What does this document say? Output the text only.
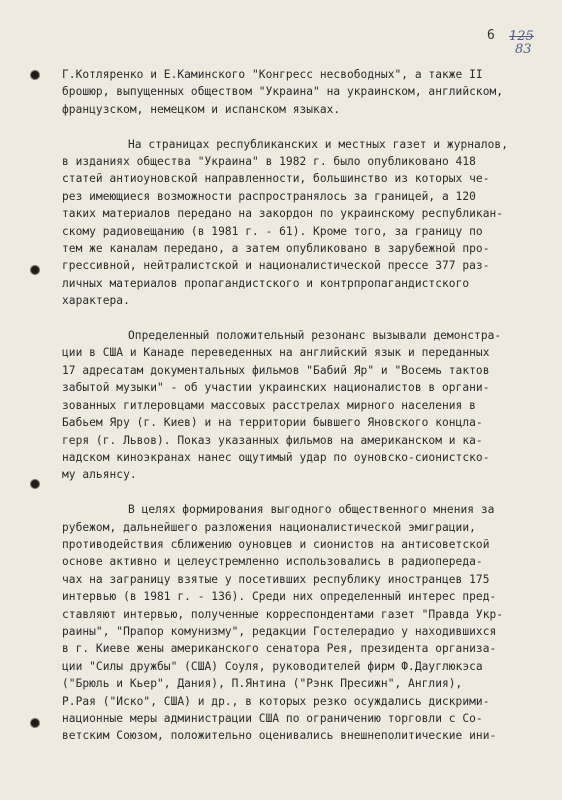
6 125
83

Г.Котляренко и Е.Каминского "Конгресс несвободных", а также II
брошюр, выпущенных обществом "Украина" на украинском, английском,
французском, немецком и испанском языках.

На страницах республиканских и местных газет и журналов,
в изданиях общества "Украина" в 1982 г. было опубликовано 418
статей антиоуновской направленности, большинство из которых че-
рез имеющиеся возможности распространялось за границей, а 120
таких материалов передано на закордон по украинскому республикан-
скому радиовещанию (в 1981 г. - 61). Кроме того, за границу по
тем же каналам передано, а затем опубликовано в зарубежной про-
грессивной, нейтралистской и националистической прессе 377 раз-
личных материалов пропагандистского и контрпропагандистского
характера.

Определенный положительный резонанс вызывали демонстра-
ции в США и Канаде переведенных на английский язык и переданных
17 адресатам документальных фильмов "Бабий Яр" и "Восемь тактов
забытой музыки" - об участии украинских националистов в органи-
зованных гитлеровцами массовых расстрелах мирного населения в
Бабьем Яру (г. Киев) и на территории бывшего Яновского концла-
геря (г. Львов). Показ указанных фильмов на американском и ка-
надском киноэкранах нанес ощутимый удар по оуновско-сионистско-
му альянсу.

В целях формирования выгодного общественного мнения за
рубежом, дальнейшего разложения националистической эмиграции,
противодействия сближению оуновцев и сионистов на антисоветской
основе активно и целеустремленно использовались в радиопереда-
чах на заграницу взятые у посетивших республику иностранцев 175
интервью (в 1981 г. - 136). Среди них определенный интерес пред-
ставляют интервью, полученные корреспондентами газет "Правда Укр-
раины", "Прапор комунизму", редакции Гостелерадио у находившихся
в г. Киеве жены американского сенатора Рея, президента организа-
ции "Силы дружбы" (США) Соуля, руководителей фирм Ф.Дауглюкэса
("Брюль и Кьер", Дания), П.Янтина ("Рэнк Пресижн", Англия),
Р.Рая ("Иско", США) и др., в которых резко осуждались дискрими-
национные меры администрации США по ограничению торговли с Со-
ветским Союзом, положительно оценивались внешнеполитические ини-
